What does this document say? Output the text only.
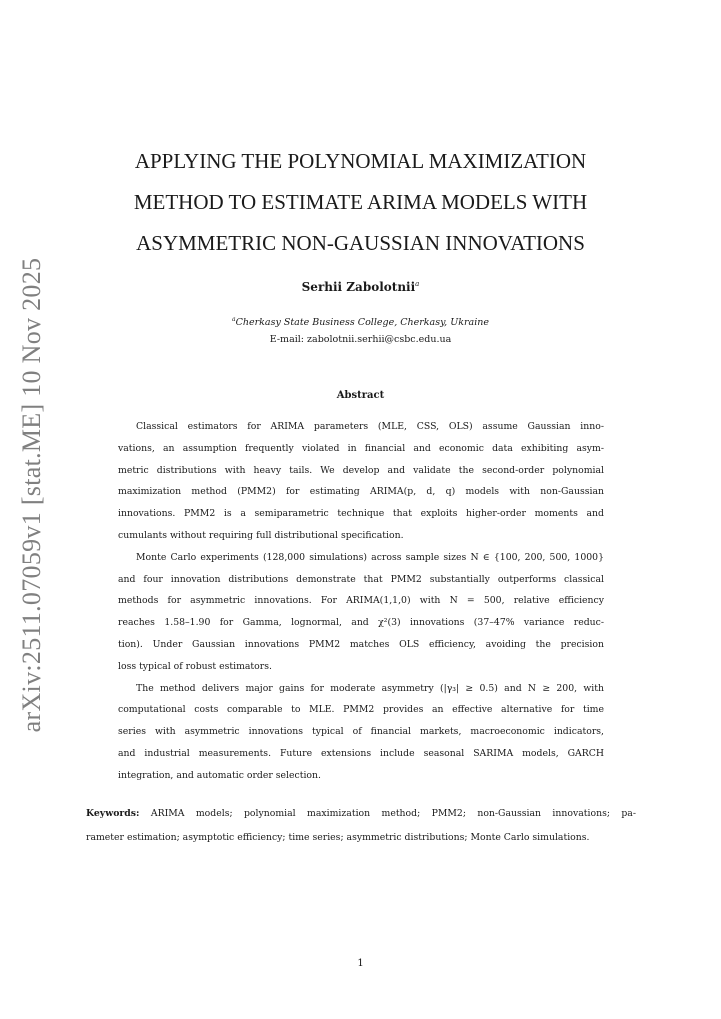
arXiv:2511.07059v1 [stat.ME] 10 Nov 2025
APPLYING THE POLYNOMIAL MAXIMIZATION
METHOD TO ESTIMATE ARIMA MODELS WITH
ASYMMETRIC NON-GAUSSIAN INNOVATIONS
Serhii Zabolotnii$^a$
$^a$Cherkasy State Business College, Cherkasy, Ukraine
E-mail: zabolotnii.serhii@csbc.edu.ua
Abstract
Classical estimators for ARIMA parameters (MLE, CSS, OLS) assume Gaussian inno-
vations, an assumption frequently violated in financial and economic data exhibiting asym-
metric distributions with heavy tails. We develop and validate the second-order polynomial
maximization method (PMM2) for estimating ARIMA(p, d, q) models with non-Gaussian
innovations. PMM2 is a semiparametric technique that exploits higher-order moments and
cumulants without requiring full distributional specification.
Monte Carlo experiments (128,000 simulations) across sample sizes N ∈ {100, 200, 500, 1000}
and four innovation distributions demonstrate that PMM2 substantially outperforms classical
methods for asymmetric innovations. For ARIMA(1,1,0) with N = 500, relative efficiency
reaches 1.58–1.90 for Gamma, lognormal, and χ²(3) innovations (37–47% variance reduc-
tion). Under Gaussian innovations PMM2 matches OLS efficiency, avoiding the precision
loss typical of robust estimators.
The method delivers major gains for moderate asymmetry (|γ₃| ≥ 0.5) and N ≥ 200, with
computational costs comparable to MLE. PMM2 provides an effective alternative for time
series with asymmetric innovations typical of financial markets, macroeconomic indicators,
and industrial measurements. Future extensions include seasonal SARIMA models, GARCH
integration, and automatic order selection.
Keywords: ARIMA models; polynomial maximization method; PMM2; non-Gaussian innovations; pa-
rameter estimation; asymptotic efficiency; time series; asymmetric distributions; Monte Carlo simulations.
1
